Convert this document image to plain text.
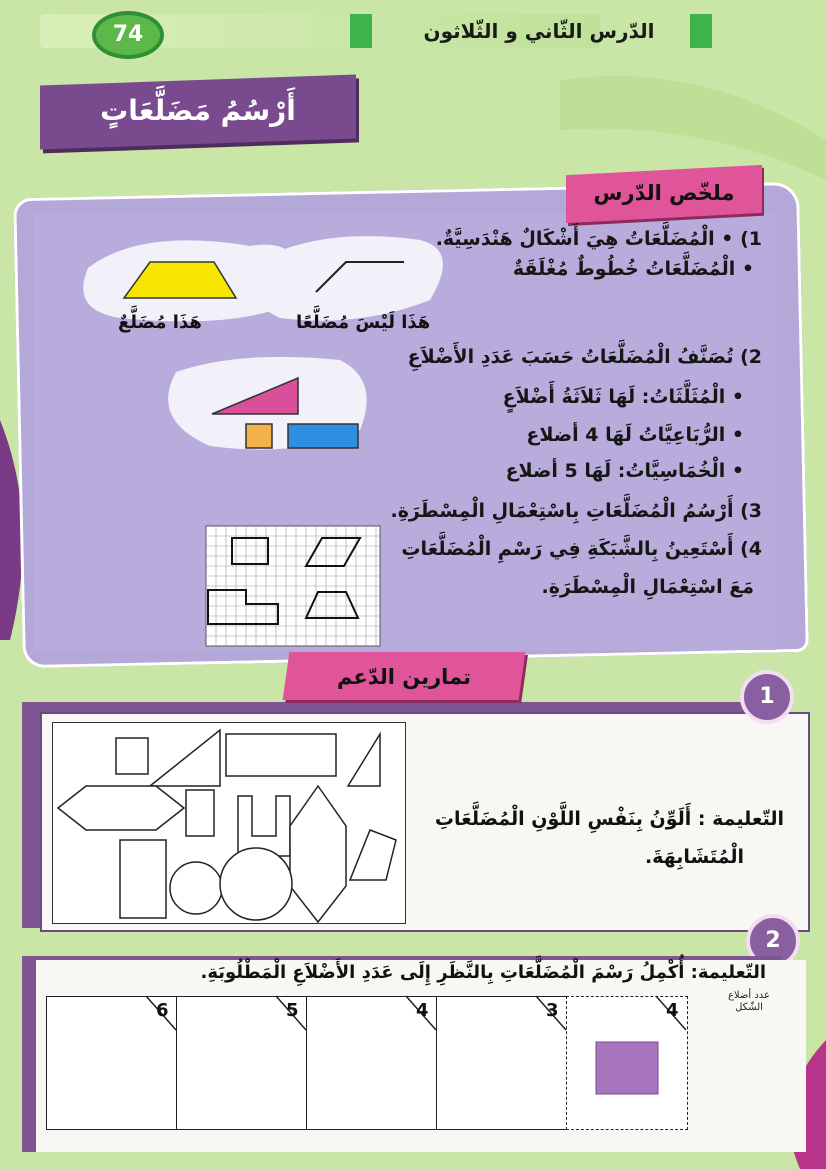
74	الدّرس الثّاني و الثّلاثون
أَرْسُمُ مَضَلَّعَاتٍ
ملخّص الدّرس
1) • الْمُضَلَّعَاتُ هِيَ أَشْكَالٌ هَنْدَسِيَّةٌ.
• الْمُضَلَّعَاتُ خُطُوطٌ مُغْلَقَةٌ
هَذَا مُضَلَّعٌ	هَذَا لَيْسَ مُضَلَّعًا
2) تُصَنَّفُ الْمُضَلَّعَاتُ حَسَبَ عَدَدِ الأَضْلاَعِ
• الْمُثَلَّثَاتُ: لَهَا ثَلاَثَةُ أَضْلاَعٍ
• الرُّبَاعِيَّاتُ لَهَا 4 أضلاع
• الْخُمَاسِيَّاتُ: لَهَا 5 أضلاع
3) أَرْسُمُ الْمُضَلَّعَاتِ بِاسْتِعْمَالِ الْمِسْطَرَةِ.
4) أَسْتَعِينُ بِالشَّبَكَةِ فِي رَسْمِ الْمُضَلَّعَاتِ
مَعَ اسْتِعْمَالِ الْمِسْطَرَةِ.
تمارين الدّعم
1
التّعليمة : أَلَوِّنُ بِنَفْسِ اللَّوْنِ الْمُضَلَّعَاتِ
الْمُتَشَابِهَةَ.
2
التّعليمة: أُكْمِلُ رَسْمَ الْمُضَلَّعَاتِ بِالنَّظَرِ إِلَى عَدَدِ الأَضْلاَعِ الْمَطْلُوبَةِ.
عدد أضلاع الشّكل
6	5	4	3	4
